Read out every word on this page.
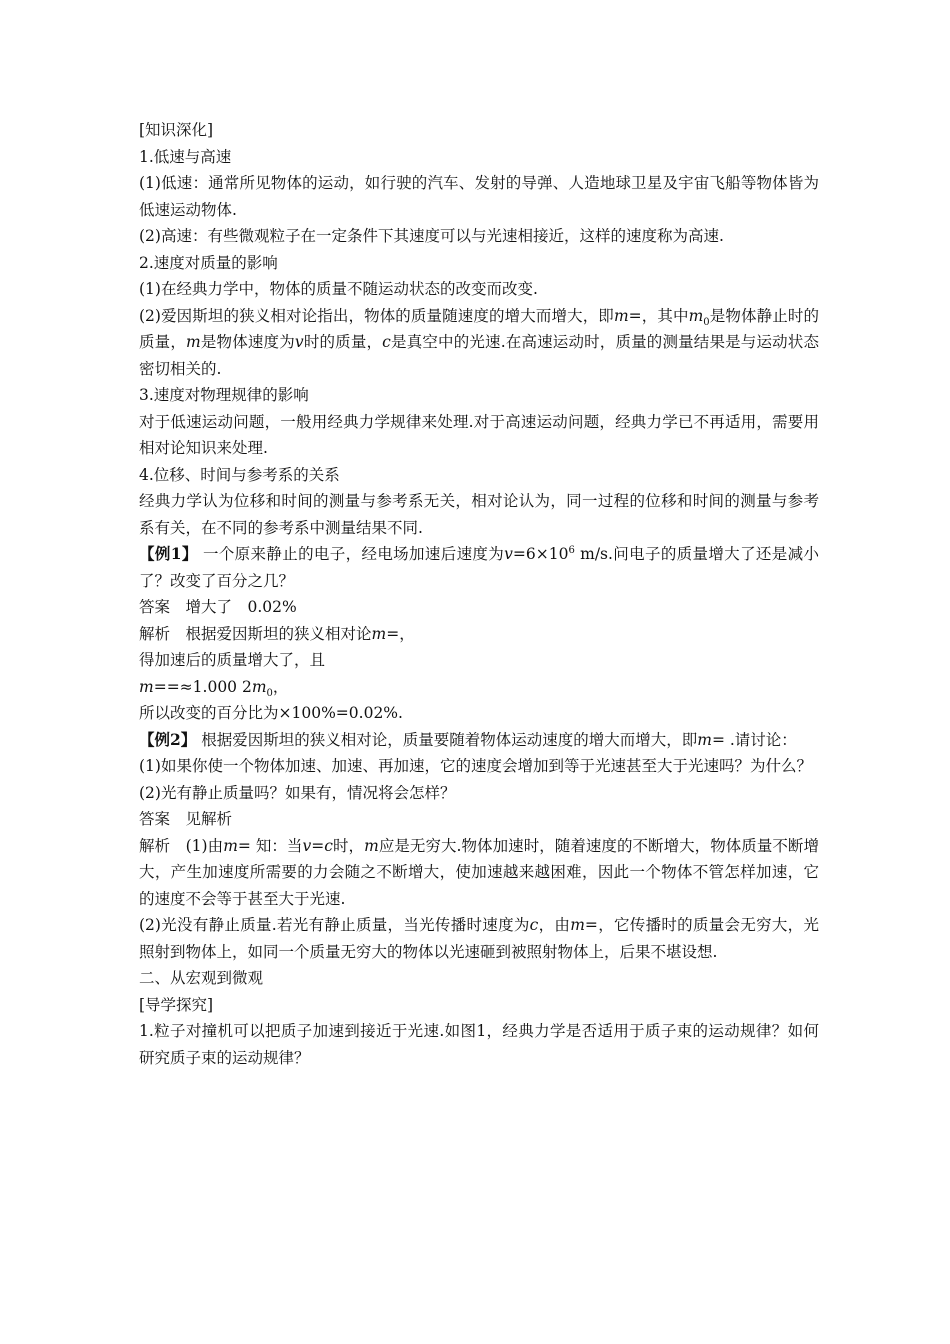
[知识深化]

1.低速与高速

(1)低速：通常所见物体的运动，如行驶的汽车、发射的导弹、人造地球卫星及宇宙飞船等物体皆为低速运动物体.

(2)高速：有些微观粒子在一定条件下其速度可以与光速相接近，这样的速度称为高速.

2.速度对质量的影响

(1)在经典力学中，物体的质量不随运动状态的改变而改变.

(2)爱因斯坦的狭义相对论指出，物体的质量随速度的增大而增大，即m=，其中$m_0$是物体静止时的质量，m是物体速度为v时的质量，c是真空中的光速.在高速运动时，质量的测量结果是与运动状态密切相关的.

3.速度对物理规律的影响

对于低速运动问题，一般用经典力学规律来处理.对于高速运动问题，经典力学已不再适用，需要用相对论知识来处理.

4.位移、时间与参考系的关系

经典力学认为位移和时间的测量与参考系无关，相对论认为，同一过程的位移和时间的测量与参考系有关，在不同的参考系中测量结果不同.

【例1】 一个原来静止的电子，经电场加速后速度为$v=6\times 10^6$ m/s.问电子的质量增大了还是减小了？改变了百分之几？

答案　增大了　0.02%

解析　根据爱因斯坦的狭义相对论m=，

得加速后的质量增大了，且

m==≈1.000 $2m_0$，

所以改变的百分比为×100%=0.02%.

【例2】 根据爱因斯坦的狭义相对论，质量要随着物体运动速度的增大而增大，即m= .请讨论：

(1)如果你使一个物体加速、加速、再加速，它的速度会增加到等于光速甚至大于光速吗？为什么？

(2)光有静止质量吗？如果有，情况将会怎样？

答案　见解析

解析　(1)由m= 知：当v=c时，m应是无穷大.物体加速时，随着速度的不断增大，物体质量不断增大，产生加速度所需要的力会随之不断增大，使加速越来越困难，因此一个物体不管怎样加速，它的速度不会等于甚至大于光速.

(2)光没有静止质量.若光有静止质量，当光传播时速度为c，由m=，它传播时的质量会无穷大，光照射到物体上，如同一个质量无穷大的物体以光速砸到被照射物体上，后果不堪设想.

二、从宏观到微观

[导学探究]

1.粒子对撞机可以把质子加速到接近于光速.如图1，经典力学是否适用于质子束的运动规律？如何研究质子束的运动规律？
